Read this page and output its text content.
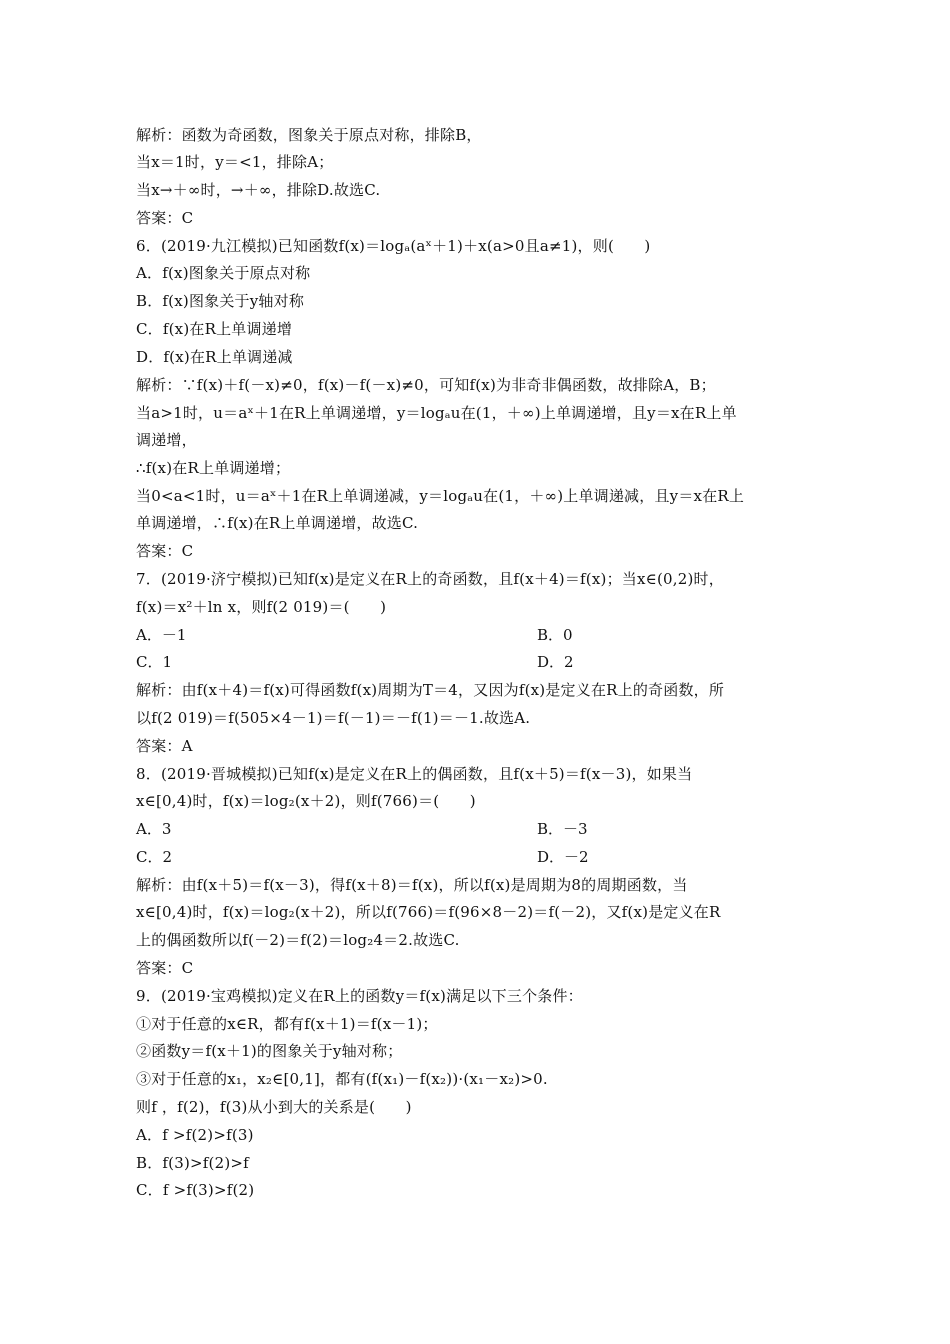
解析：函数为奇函数，图象关于原点对称，排除B，
当x＝1时，y＝<1，排除A；
当x→＋∞时，→＋∞，排除D.故选C.
答案：C
6．(2019·九江模拟)已知函数f(x)＝logₐ(aˣ＋1)＋x(a>0且a≠1)，则(　　)
A．f(x)图象关于原点对称
B．f(x)图象关于y轴对称
C．f(x)在R上单调递增
D．f(x)在R上单调递减
解析：∵f(x)＋f(－x)≠0，f(x)－f(－x)≠0，可知f(x)为非奇非偶函数，故排除A，B；
当a>1时，u＝aˣ＋1在R上单调递增，y＝logₐu在(1，＋∞)上单调递增，且y＝x在R上单
调递增，
∴f(x)在R上单调递增；
当0<a<1时，u＝aˣ＋1在R上单调递减，y＝logₐu在(1，＋∞)上单调递减，且y＝x在R上
单调递增，∴f(x)在R上单调递增，故选C.
答案：C
7．(2019·济宁模拟)已知f(x)是定义在R上的奇函数，且f(x＋4)＝f(x)；当x∈(0,2)时，
f(x)＝x²＋ln x，则f(2 019)＝(　　)
解析：由f(x＋4)＝f(x)可得函数f(x)周期为T＝4，又因为f(x)是定义在R上的奇函数，所
以f(2 019)＝f(505×4－1)＝f(－1)＝－f(1)＝－1.故选A.
答案：A
8．(2019·晋城模拟)已知f(x)是定义在R上的偶函数，且f(x＋5)＝f(x－3)，如果当
x∈[0,4)时，f(x)＝log₂(x＋2)，则f(766)＝(　　)
解析：由f(x＋5)＝f(x－3)，得f(x＋8)＝f(x)，所以f(x)是周期为8的周期函数，当
x∈[0,4)时，f(x)＝log₂(x＋2)，所以f(766)＝f(96×8－2)＝f(－2)，又f(x)是定义在R
上的偶函数所以f(－2)＝f(2)＝log₂4＝2.故选C.
答案：C
9．(2019·宝鸡模拟)定义在R上的函数y＝f(x)满足以下三个条件：
①对于任意的x∈R，都有f(x＋1)＝f(x－1)；
②函数y＝f(x＋1)的图象关于y轴对称；
③对于任意的x₁，x₂∈[0,1]，都有(f(x₁)－f(x₂))·(x₁－x₂)>0.
则f ，f(2)，f(3)从小到大的关系是(　　)
A．f >f(2)>f(3)
B．f(3)>f(2)>f
C．f >f(3)>f(2)
A．－1	B．0
C．1	D．2
A．3	B．－3
C．2	D．－2
